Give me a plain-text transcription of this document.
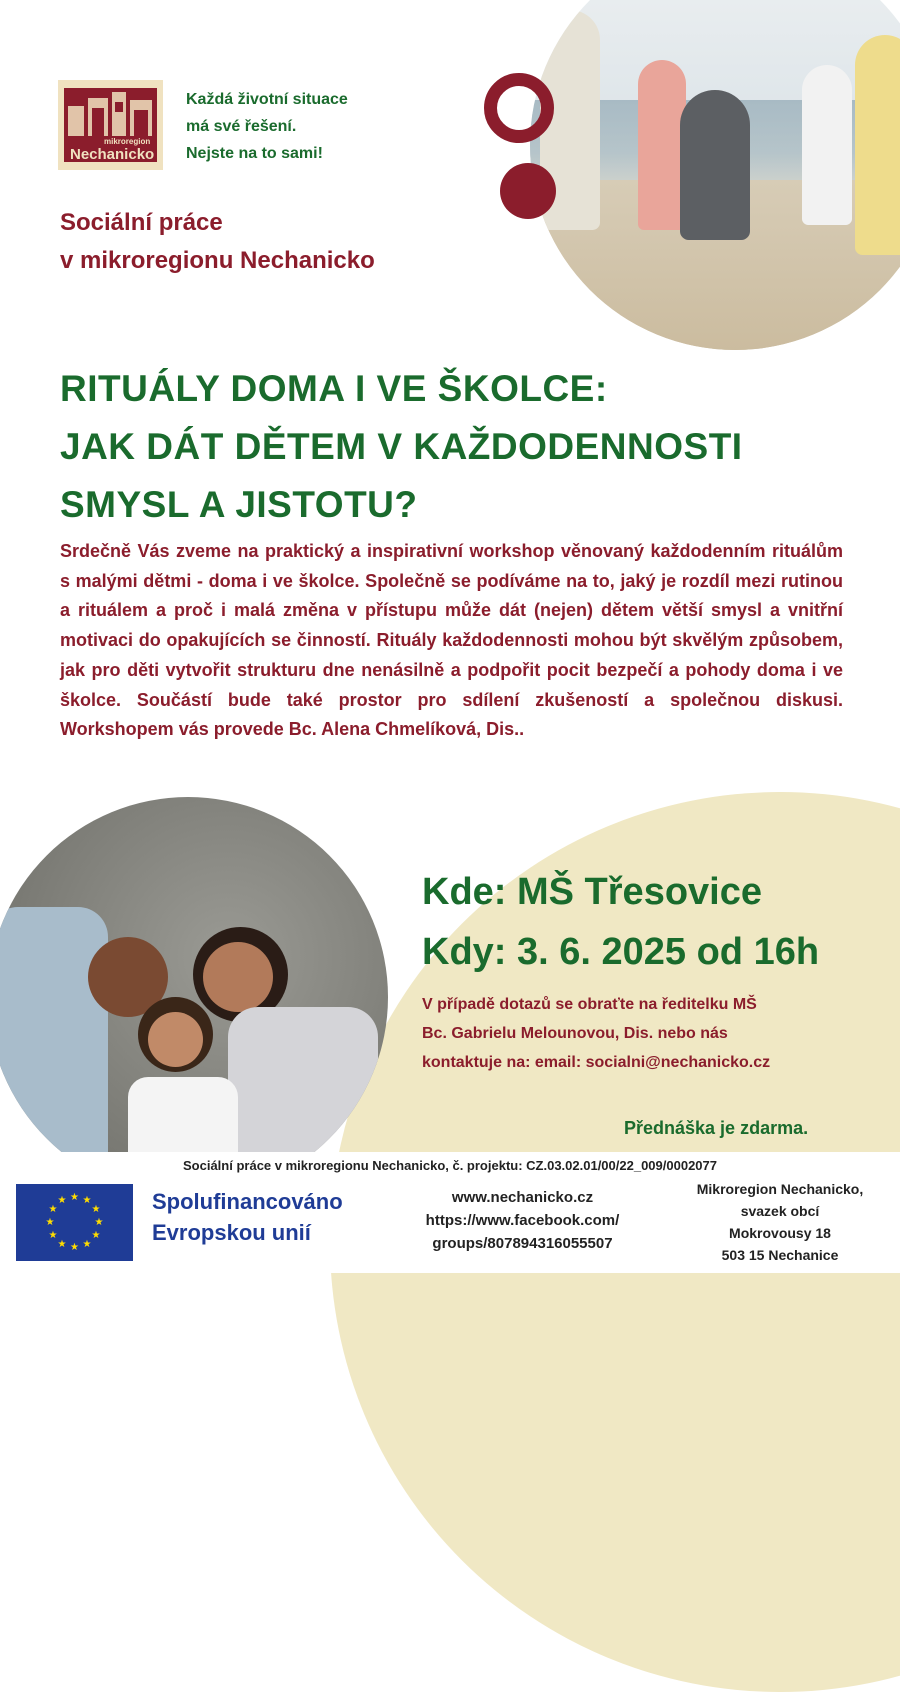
mikroregion
Nechanicko
Každá životní situace
má své řešení.
Nejste na to sami!
Sociální práce
v mikroregionu Nechanicko
RITUÁLY DOMA I VE ŠKOLCE:
JAK DÁT DĚTEM V KAŽDODENNOSTI
SMYSL A JISTOTU?
Srdečně Vás zveme na praktický a inspirativní workshop věnovaný každodenním rituálům s malými dětmi - doma i ve školce. Společně se podíváme na to, jaký je rozdíl mezi rutinou a rituálem a proč i malá změna v přístupu může dát (nejen) dětem větší smysl a vnitřní motivaci do opakujících se činností. Rituály každodennosti mohou být skvělým způsobem, jak pro děti vytvořit strukturu dne nenásilně a podpořit pocit bezpečí a pohody doma i ve školce. Součástí bude také prostor pro sdílení zkušeností a společnou diskusi. Workshopem vás provede Bc. Alena Chmelíková, Dis..
Kde: MŠ Třesovice
Kdy: 3. 6. 2025 od 16h
V případě dotazů se obraťte na ředitelku MŠ
Bc. Gabrielu Melounovou, Dis. nebo nás
kontaktuje na: email: socialni@nechanicko.cz
Přednáška je zdarma.
Sociální práce v mikroregionu Nechanicko, č. projektu: CZ.03.02.01/00/22_009/0002077
★ ★
★
★
★
★
★
★
★
★
★
★	Spolufinancováno
Evropskou unií
www.nechanicko.cz
https://www.facebook.com/
groups/807894316055507
Mikroregion Nechanicko,
svazek obcí
Mokrovousy 18
503 15 Nechanice
